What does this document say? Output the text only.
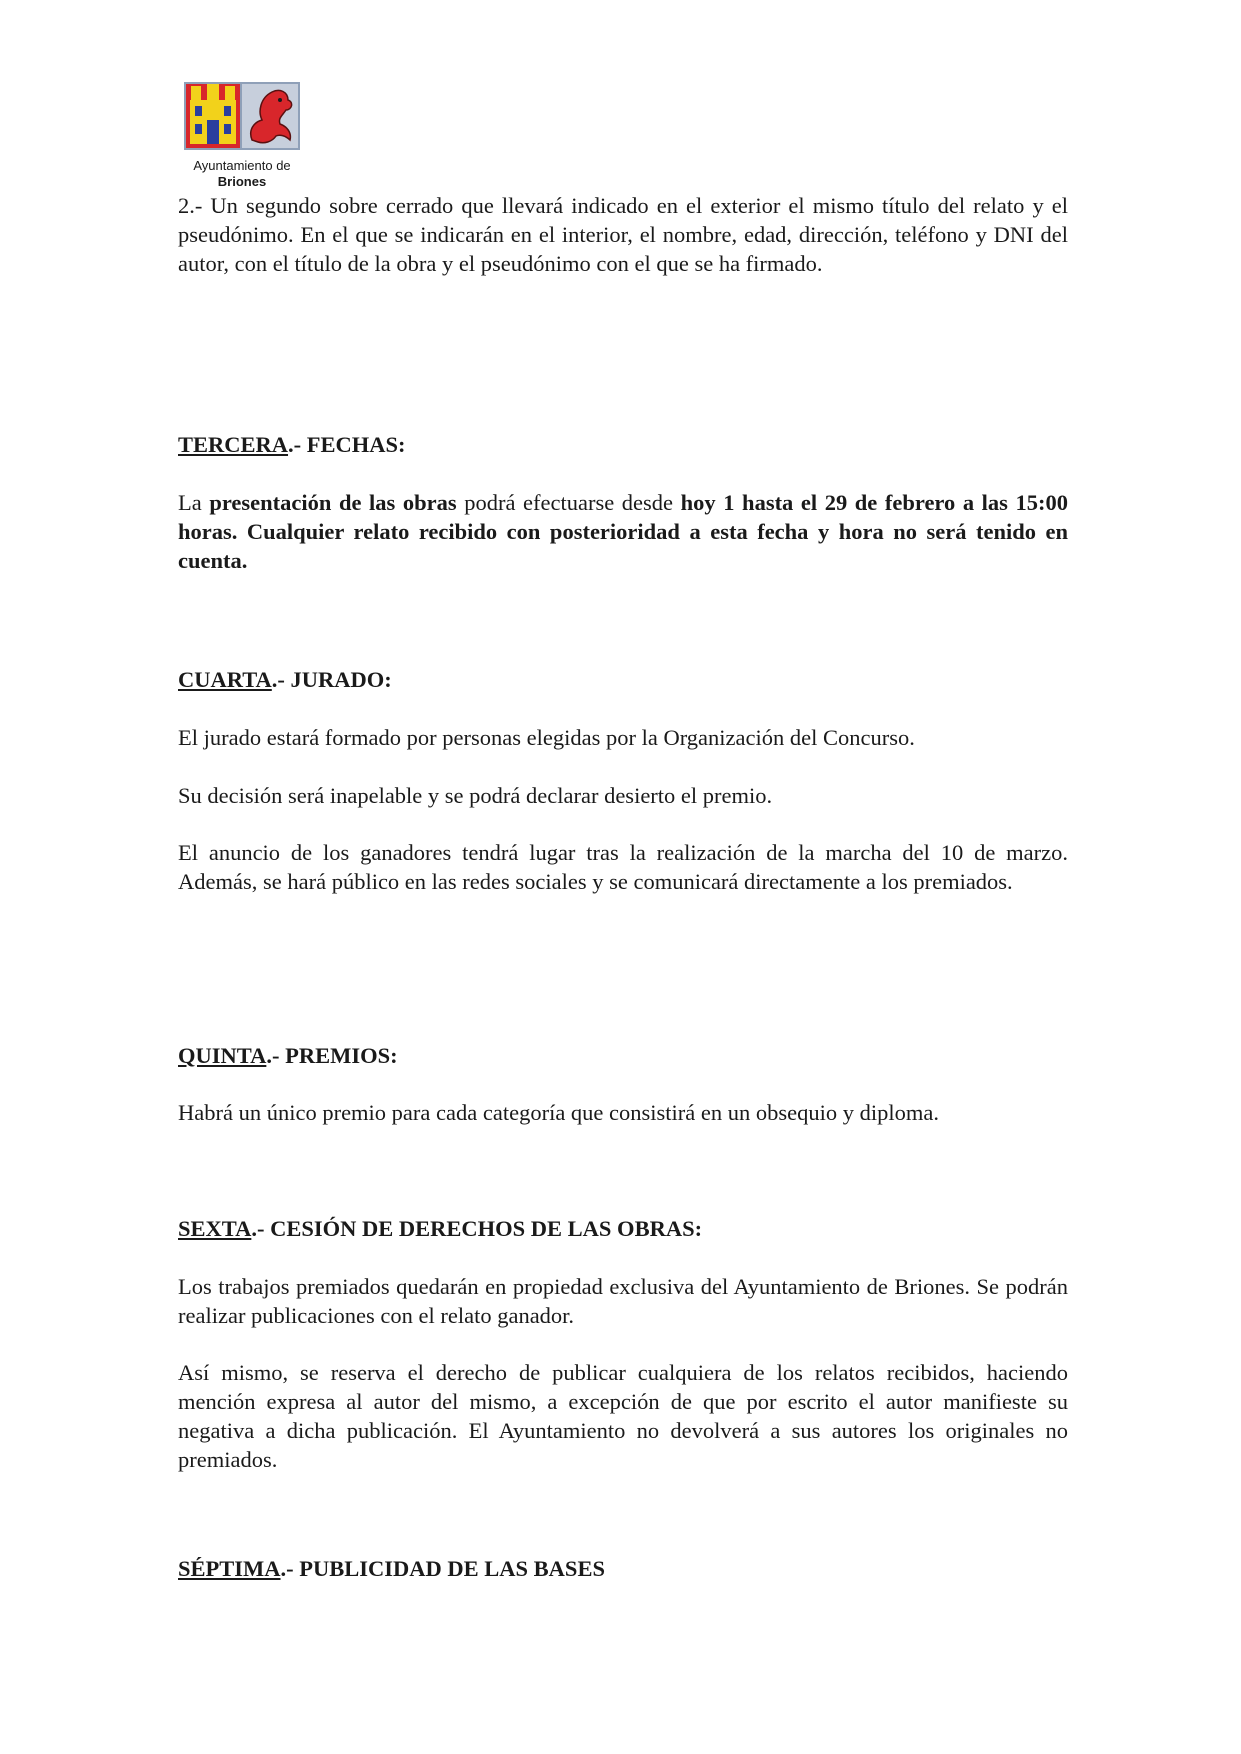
Ayuntamiento de
Briones

2.- Un segundo sobre cerrado que llevará indicado en el exterior el mismo título del relato y el pseudónimo. En el que se indicarán en el interior, el nombre, edad, dirección, teléfono y DNI del autor, con el título de la obra y el pseudónimo con el que se ha firmado.

TERCERA.- FECHAS:

La presentación de las obras podrá efectuarse desde hoy 1 hasta el 29 de febrero a las 15:00 horas. Cualquier relato recibido con posterioridad a esta fecha y hora no será tenido en cuenta.

CUARTA.- JURADO:

El jurado estará formado por personas elegidas por la Organización del Concurso.

Su decisión será inapelable y se podrá declarar desierto el premio.

El anuncio de los ganadores tendrá lugar tras la realización de la marcha del 10 de marzo. Además, se hará público en las redes sociales y se comunicará directamente a los premiados.

QUINTA.- PREMIOS:

Habrá un único premio para cada categoría que consistirá en un obsequio y diploma.

SEXTA.- CESIÓN DE DERECHOS DE LAS OBRAS:

Los trabajos premiados quedarán en propiedad exclusiva del Ayuntamiento de Briones. Se podrán realizar publicaciones con el relato ganador.

Así mismo, se reserva el derecho de publicar cualquiera de los relatos recibidos, haciendo mención expresa al autor del mismo, a excepción de que por escrito el autor manifieste su negativa a dicha publicación. El Ayuntamiento no devolverá a sus autores los originales no premiados.

SÉPTIMA.- PUBLICIDAD DE LAS BASES
